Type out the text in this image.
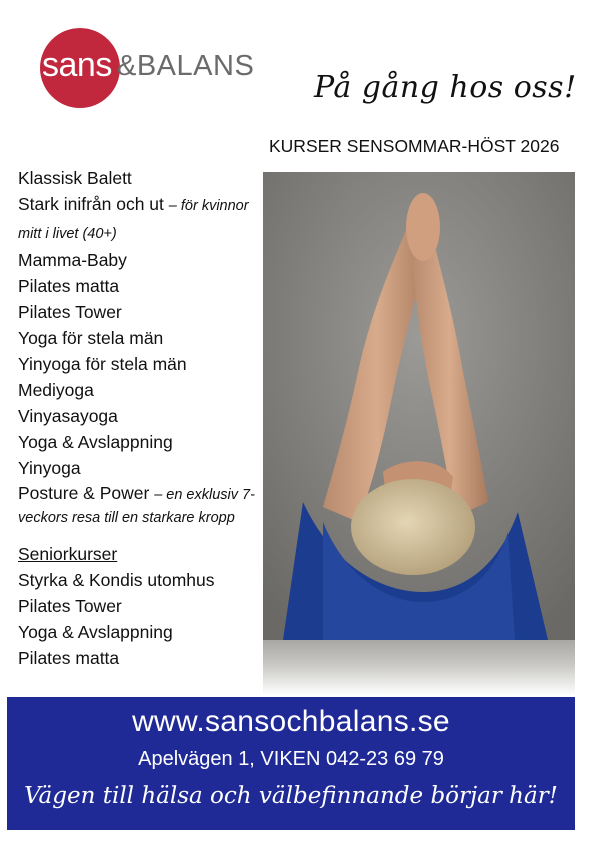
sans &BALANS
På gång hos oss!
KURSER SENSOMMAR-HÖST 2026
Klassisk Balett
Stark inifrån och ut – för kvinnor mitt i livet (40+)
Mamma-Baby
Pilates matta
Pilates Tower
Yoga för stela män
Yinyoga för stela män
Mediyoga
Vinyasayoga
Yoga & Avslappning
Yinyoga
Posture & Power – en exklusiv 7-veckors resa till en starkare kropp
Seniorkurser
Styrka & Kondis utomhus
Pilates Tower
Yoga & Avslappning
Pilates matta
www.sansochbalans.se
Apelvägen 1, VIKEN 042-23 69 79
Vägen till hälsa och välbefinnande börjar här!
